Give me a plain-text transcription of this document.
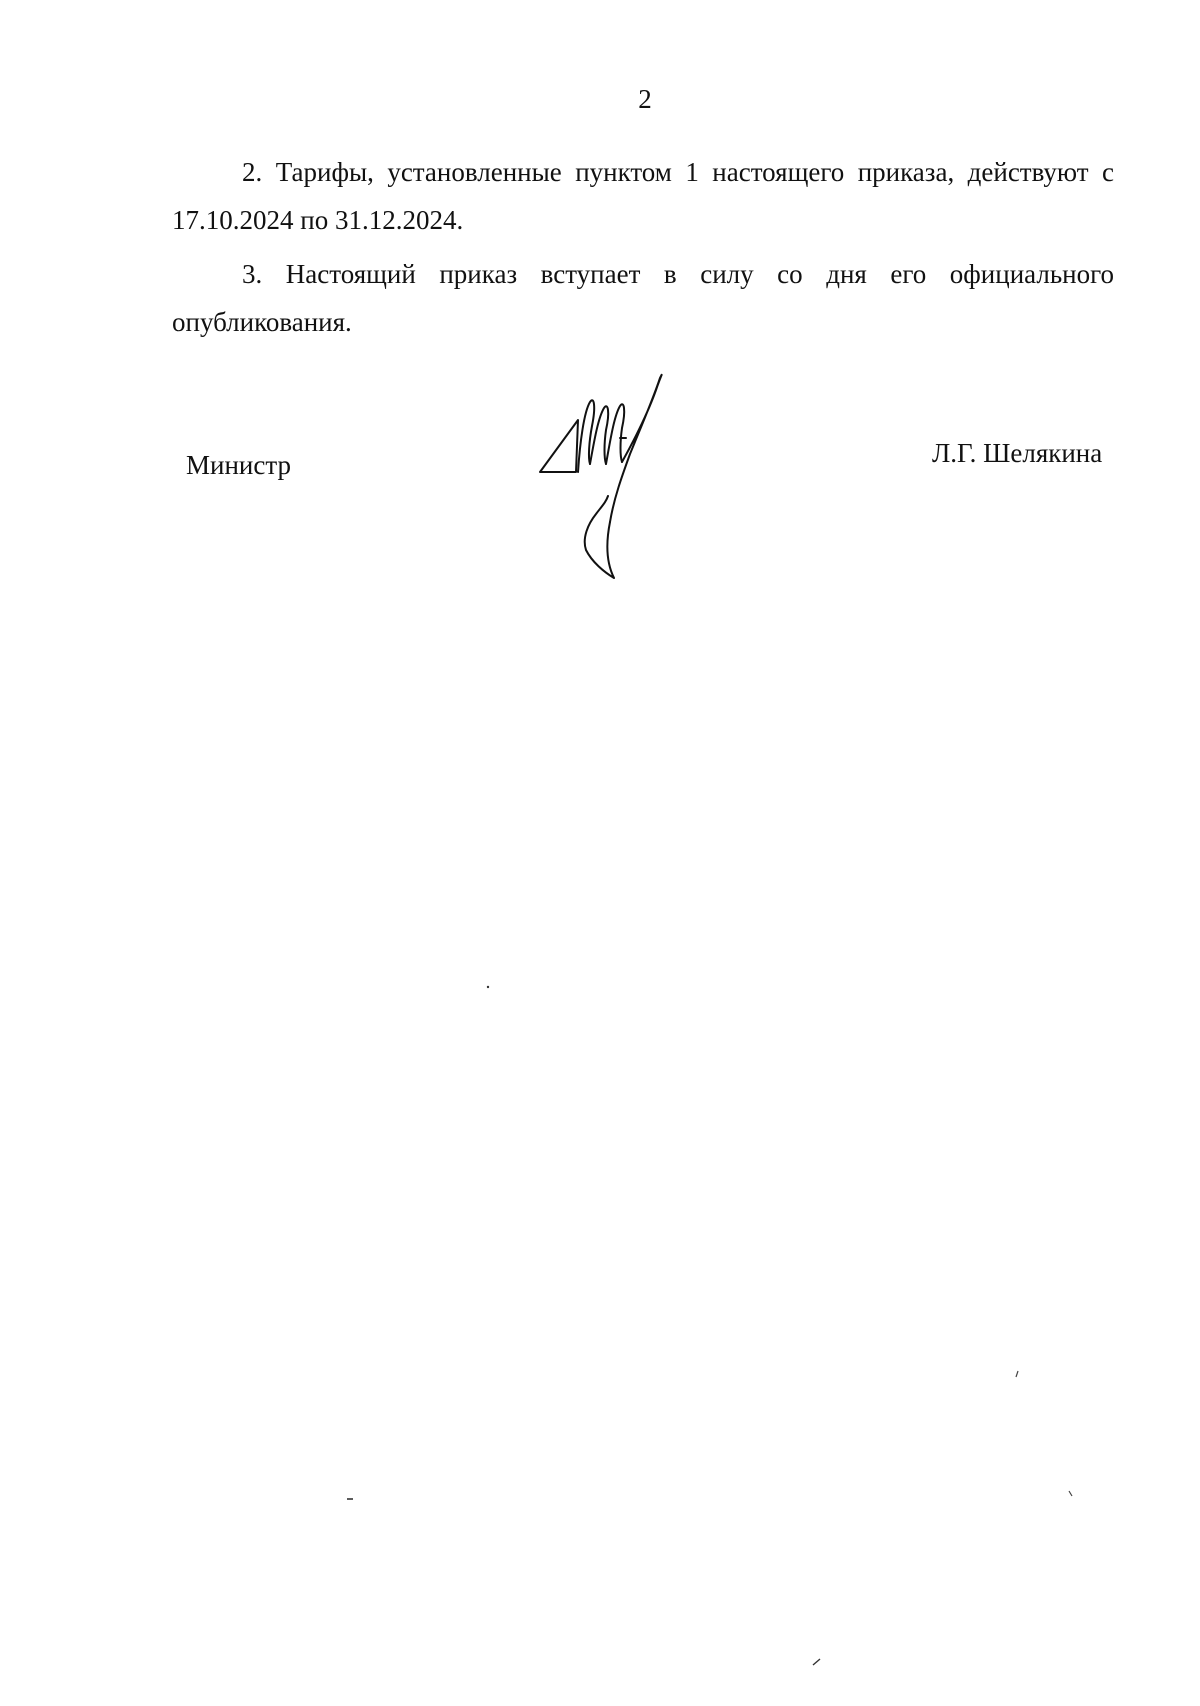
2

2. Тарифы, установленные пунктом 1 настоящего приказа, действуют с 17.10.2024 по 31.12.2024.

3. Настоящий приказ вступает в силу со дня его официального опубликования.

Министр	Л.Г. Шелякина
